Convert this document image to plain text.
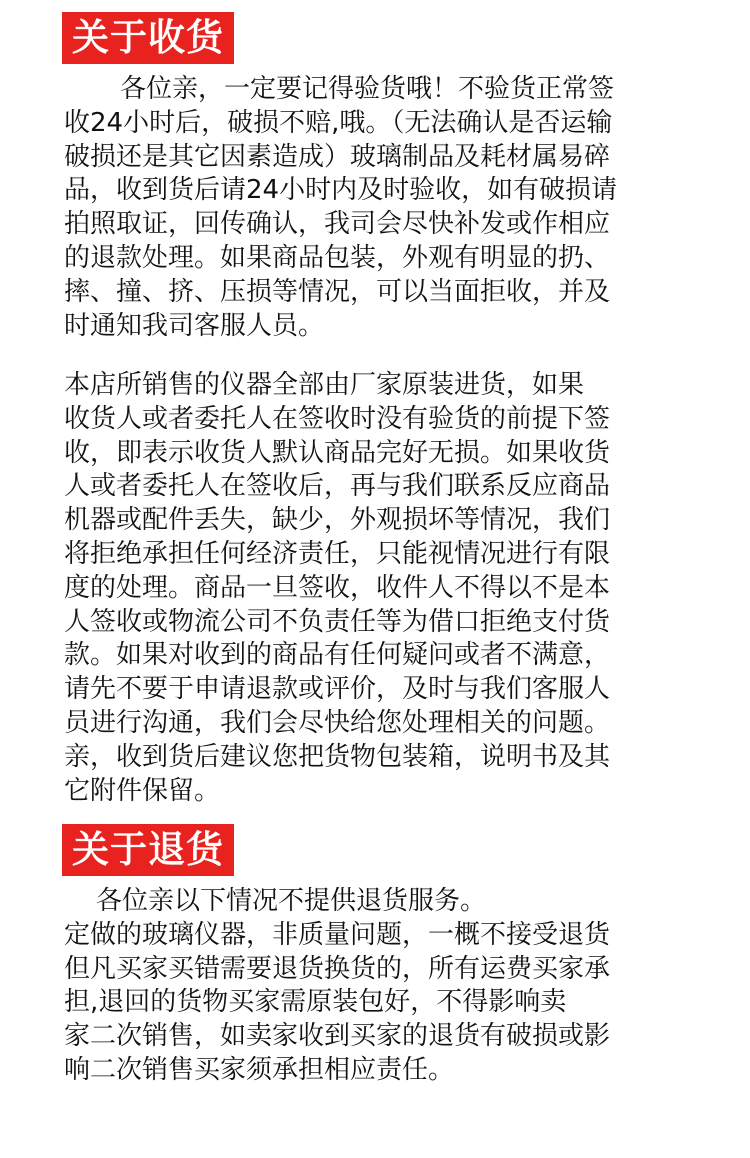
关于收货
各位亲，一定要记得验货哦！不验货正常签
收24小时后，破损不赔,哦。（无法确认是否运输
破损还是其它因素造成）玻璃制品及耗材属易碎
品，收到货后请24小时内及时验收，如有破损请
拍照取证，回传确认，我司会尽快补发或作相应
的退款处理。如果商品包装，外观有明显的扔、
摔、撞、挤、压损等情况，可以当面拒收，并及
时通知我司客服人员。
本店所销售的仪器全部由厂家原装进货，如果
收货人或者委托人在签收时没有验货的前提下签
收，即表示收货人默认商品完好无损。如果收货
人或者委托人在签收后，再与我们联系反应商品
机器或配件丢失，缺少，外观损坏等情况，我们
将拒绝承担任何经济责任，只能视情况进行有限
度的处理。商品一旦签收，收件人不得以不是本
人签收或物流公司不负责任等为借口拒绝支付货
款。如果对收到的商品有任何疑问或者不满意，
请先不要于申请退款或评价，及时与我们客服人
员进行沟通，我们会尽快给您处理相关的问题。
亲，收到货后建议您把货物包装箱，说明书及其
它附件保留。
关于退货
各位亲以下情况不提供退货服务。
定做的玻璃仪器，非质量问题，一概不接受退货
但凡买家买错需要退货换货的，所有运费买家承
担,退回的货物买家需原装包好，不得影响卖
家二次销售，如卖家收到买家的退货有破损或影
响二次销售买家须承担相应责任。
